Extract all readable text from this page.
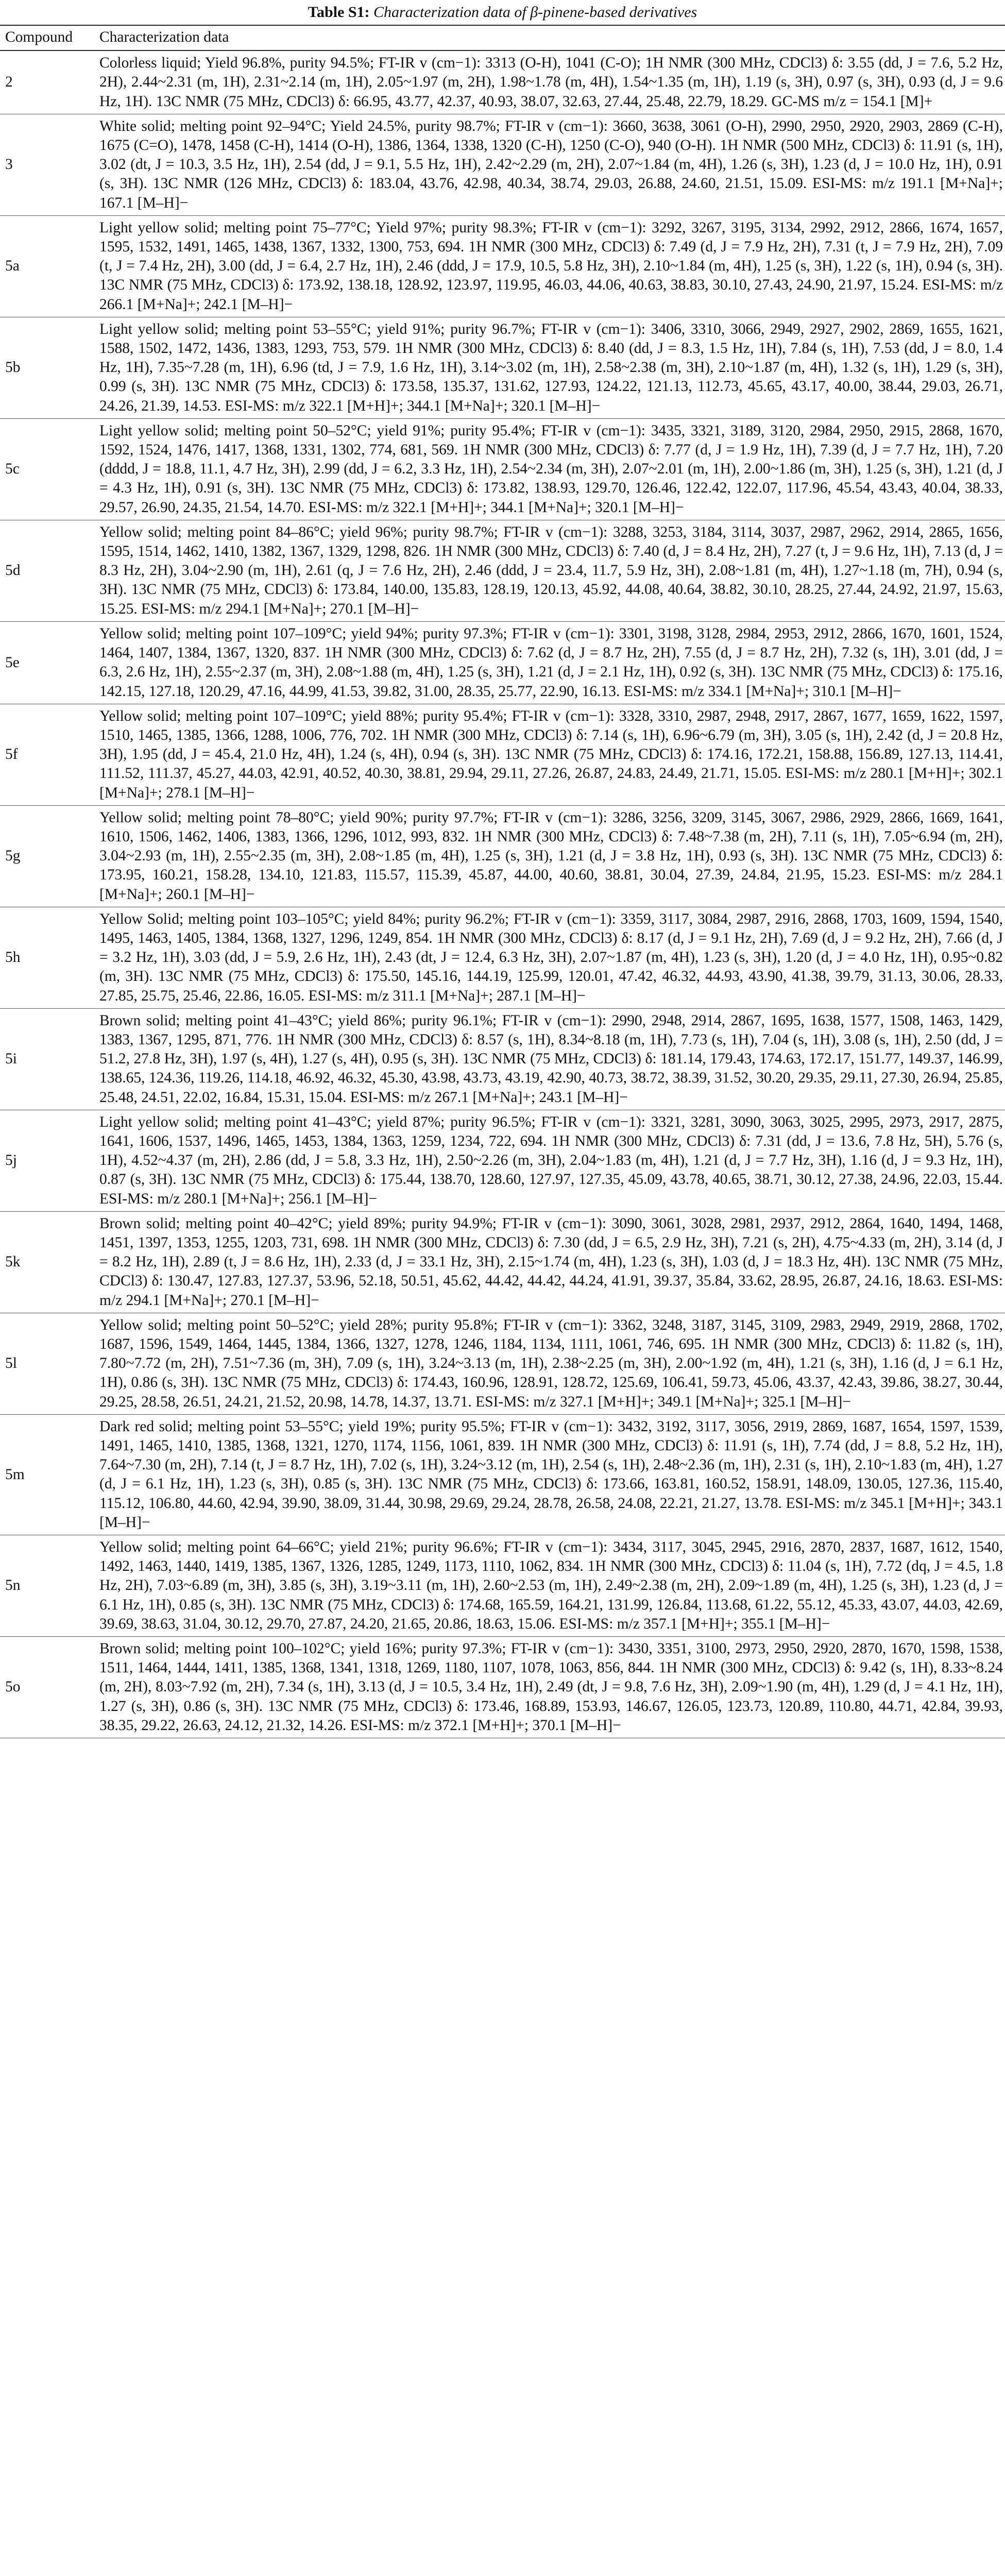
Table S1: Characterization data of β-pinene-based derivatives
Compound	Characterization data
2	Colorless liquid; Yield 96.8%, purity 94.5%; FT-IR v (cm−1): 3313 (O-H), 1041 (C-O); 1H NMR (300 MHz, CDCl3) δ: 3.55 (dd, J = 7.6, 5.2 Hz, 2H), 2.44~2.31 (m, 1H), 2.31~2.14 (m, 1H), 2.05~1.97 (m, 2H), 1.98~1.78 (m, 4H), 1.54~1.35 (m, 1H), 1.19 (s, 3H), 0.97 (s, 3H), 0.93 (d, J = 9.6 Hz, 1H). 13C NMR (75 MHz, CDCl3) δ: 66.95, 43.77, 42.37, 40.93, 38.07, 32.63, 27.44, 25.48, 22.79, 18.29. GC-MS m/z = 154.1 [M]+
3	White solid; melting point 92–94°C; Yield 24.5%, purity 98.7%; FT-IR v (cm−1): 3660, 3638, 3061 (O-H), 2990, 2950, 2920, 2903, 2869 (C-H), 1675 (C=O), 1478, 1458 (C-H), 1414 (O-H), 1386, 1364, 1338, 1320 (C-H), 1250 (C-O), 940 (O-H). 1H NMR (500 MHz, CDCl3) δ: 11.91 (s, 1H), 3.02 (dt, J = 10.3, 3.5 Hz, 1H), 2.54 (dd, J = 9.1, 5.5 Hz, 1H), 2.42~2.29 (m, 2H), 2.07~1.84 (m, 4H), 1.26 (s, 3H), 1.23 (d, J = 10.0 Hz, 1H), 0.91 (s, 3H). 13C NMR (126 MHz, CDCl3) δ: 183.04, 43.76, 42.98, 40.34, 38.74, 29.03, 26.88, 24.60, 21.51, 15.09. ESI-MS: m/z 191.1 [M+Na]+; 167.1 [M–H]−
5a	Light yellow solid; melting point 75–77°C; Yield 97%; purity 98.3%; FT-IR v (cm−1): 3292, 3267, 3195, 3134, 2992, 2912, 2866, 1674, 1657, 1595, 1532, 1491, 1465, 1438, 1367, 1332, 1300, 753, 694. 1H NMR (300 MHz, CDCl3) δ: 7.49 (d, J = 7.9 Hz, 2H), 7.31 (t, J = 7.9 Hz, 2H), 7.09 (t, J = 7.4 Hz, 2H), 3.00 (dd, J = 6.4, 2.7 Hz, 1H), 2.46 (ddd, J = 17.9, 10.5, 5.8 Hz, 3H), 2.10~1.84 (m, 4H), 1.25 (s, 3H), 1.22 (s, 1H), 0.94 (s, 3H). 13C NMR (75 MHz, CDCl3) δ: 173.92, 138.18, 128.92, 123.97, 119.95, 46.03, 44.06, 40.63, 38.83, 30.10, 27.43, 24.90, 21.97, 15.24. ESI-MS: m/z 266.1 [M+Na]+; 242.1 [M–H]−
5b	Light yellow solid; melting point 53–55°C; yield 91%; purity 96.7%; FT-IR v (cm−1): 3406, 3310, 3066, 2949, 2927, 2902, 2869, 1655, 1621, 1588, 1502, 1472, 1436, 1383, 1293, 753, 579. 1H NMR (300 MHz, CDCl3) δ: 8.40 (dd, J = 8.3, 1.5 Hz, 1H), 7.84 (s, 1H), 7.53 (dd, J = 8.0, 1.4 Hz, 1H), 7.35~7.28 (m, 1H), 6.96 (td, J = 7.9, 1.6 Hz, 1H), 3.14~3.02 (m, 1H), 2.58~2.38 (m, 3H), 2.10~1.87 (m, 4H), 1.32 (s, 1H), 1.29 (s, 3H), 0.99 (s, 3H). 13C NMR (75 MHz, CDCl3) δ: 173.58, 135.37, 131.62, 127.93, 124.22, 121.13, 112.73, 45.65, 43.17, 40.00, 38.44, 29.03, 26.71, 24.26, 21.39, 14.53. ESI-MS: m/z 322.1 [M+H]+; 344.1 [M+Na]+; 320.1 [M–H]−
5c	Light yellow solid; melting point 50–52°C; yield 91%; purity 95.4%; FT-IR v (cm−1): 3435, 3321, 3189, 3120, 2984, 2950, 2915, 2868, 1670, 1592, 1524, 1476, 1417, 1368, 1331, 1302, 774, 681, 569. 1H NMR (300 MHz, CDCl3) δ: 7.77 (d, J = 1.9 Hz, 1H), 7.39 (d, J = 7.7 Hz, 1H), 7.20 (dddd, J = 18.8, 11.1, 4.7 Hz, 3H), 2.99 (dd, J = 6.2, 3.3 Hz, 1H), 2.54~2.34 (m, 3H), 2.07~2.01 (m, 1H), 2.00~1.86 (m, 3H), 1.25 (s, 3H), 1.21 (d, J = 4.3 Hz, 1H), 0.91 (s, 3H). 13C NMR (75 MHz, CDCl3) δ: 173.82, 138.93, 129.70, 126.46, 122.42, 122.07, 117.96, 45.54, 43.43, 40.04, 38.33, 29.57, 26.90, 24.35, 21.54, 14.70. ESI-MS: m/z 322.1 [M+H]+; 344.1 [M+Na]+; 320.1 [M–H]−
5d	Yellow solid; melting point 84–86°C; yield 96%; purity 98.7%; FT-IR v (cm−1): 3288, 3253, 3184, 3114, 3037, 2987, 2962, 2914, 2865, 1656, 1595, 1514, 1462, 1410, 1382, 1367, 1329, 1298, 826. 1H NMR (300 MHz, CDCl3) δ: 7.40 (d, J = 8.4 Hz, 2H), 7.27 (t, J = 9.6 Hz, 1H), 7.13 (d, J = 8.3 Hz, 2H), 3.04~2.90 (m, 1H), 2.61 (q, J = 7.6 Hz, 2H), 2.46 (ddd, J = 23.4, 11.7, 5.9 Hz, 3H), 2.08~1.81 (m, 4H), 1.27~1.18 (m, 7H), 0.94 (s, 3H). 13C NMR (75 MHz, CDCl3) δ: 173.84, 140.00, 135.83, 128.19, 120.13, 45.92, 44.08, 40.64, 38.82, 30.10, 28.25, 27.44, 24.92, 21.97, 15.63, 15.25. ESI-MS: m/z 294.1 [M+Na]+; 270.1 [M–H]−
5e	Yellow solid; melting point 107–109°C; yield 94%; purity 97.3%; FT-IR v (cm−1): 3301, 3198, 3128, 2984, 2953, 2912, 2866, 1670, 1601, 1524, 1464, 1407, 1384, 1367, 1320, 837. 1H NMR (300 MHz, CDCl3) δ: 7.62 (d, J = 8.7 Hz, 2H), 7.55 (d, J = 8.7 Hz, 2H), 7.32 (s, 1H), 3.01 (dd, J = 6.3, 2.6 Hz, 1H), 2.55~2.37 (m, 3H), 2.08~1.88 (m, 4H), 1.25 (s, 3H), 1.21 (d, J = 2.1 Hz, 1H), 0.92 (s, 3H). 13C NMR (75 MHz, CDCl3) δ: 175.16, 142.15, 127.18, 120.29, 47.16, 44.99, 41.53, 39.82, 31.00, 28.35, 25.77, 22.90, 16.13. ESI-MS: m/z 334.1 [M+Na]+; 310.1 [M–H]−
5f	Yellow solid; melting point 107–109°C; yield 88%; purity 95.4%; FT-IR v (cm−1): 3328, 3310, 2987, 2948, 2917, 2867, 1677, 1659, 1622, 1597, 1510, 1465, 1385, 1366, 1288, 1006, 776, 702. 1H NMR (300 MHz, CDCl3) δ: 7.14 (s, 1H), 6.96~6.79 (m, 3H), 3.05 (s, 1H), 2.42 (d, J = 20.8 Hz, 3H), 1.95 (dd, J = 45.4, 21.0 Hz, 4H), 1.24 (s, 4H), 0.94 (s, 3H). 13C NMR (75 MHz, CDCl3) δ: 174.16, 172.21, 158.88, 156.89, 127.13, 114.41, 111.52, 111.37, 45.27, 44.03, 42.91, 40.52, 40.30, 38.81, 29.94, 29.11, 27.26, 26.87, 24.83, 24.49, 21.71, 15.05. ESI-MS: m/z 280.1 [M+H]+; 302.1 [M+Na]+; 278.1 [M–H]−
5g	Yellow solid; melting point 78–80°C; yield 90%; purity 97.7%; FT-IR v (cm−1): 3286, 3256, 3209, 3145, 3067, 2986, 2929, 2866, 1669, 1641, 1610, 1506, 1462, 1406, 1383, 1366, 1296, 1012, 993, 832. 1H NMR (300 MHz, CDCl3) δ: 7.48~7.38 (m, 2H), 7.11 (s, 1H), 7.05~6.94 (m, 2H), 3.04~2.93 (m, 1H), 2.55~2.35 (m, 3H), 2.08~1.85 (m, 4H), 1.25 (s, 3H), 1.21 (d, J = 3.8 Hz, 1H), 0.93 (s, 3H). 13C NMR (75 MHz, CDCl3) δ: 173.95, 160.21, 158.28, 134.10, 121.83, 115.57, 115.39, 45.87, 44.00, 40.60, 38.81, 30.04, 27.39, 24.84, 21.95, 15.23. ESI-MS: m/z 284.1 [M+Na]+; 260.1 [M–H]−
5h	Yellow Solid; melting point 103–105°C; yield 84%; purity 96.2%; FT-IR v (cm−1): 3359, 3117, 3084, 2987, 2916, 2868, 1703, 1609, 1594, 1540, 1495, 1463, 1405, 1384, 1368, 1327, 1296, 1249, 854. 1H NMR (300 MHz, CDCl3) δ: 8.17 (d, J = 9.1 Hz, 2H), 7.69 (d, J = 9.2 Hz, 2H), 7.66 (d, J = 3.2 Hz, 1H), 3.03 (dd, J = 5.9, 2.6 Hz, 1H), 2.43 (dt, J = 12.4, 6.3 Hz, 3H), 2.07~1.87 (m, 4H), 1.23 (s, 3H), 1.20 (d, J = 4.0 Hz, 1H), 0.95~0.82 (m, 3H). 13C NMR (75 MHz, CDCl3) δ: 175.50, 145.16, 144.19, 125.99, 120.01, 47.42, 46.32, 44.93, 43.90, 41.38, 39.79, 31.13, 30.06, 28.33, 27.85, 25.75, 25.46, 22.86, 16.05. ESI-MS: m/z 311.1 [M+Na]+; 287.1 [M–H]−
5i	Brown solid; melting point 41–43°C; yield 86%; purity 96.1%; FT-IR v (cm−1): 2990, 2948, 2914, 2867, 1695, 1638, 1577, 1508, 1463, 1429, 1383, 1367, 1295, 871, 776. 1H NMR (300 MHz, CDCl3) δ: 8.57 (s, 1H), 8.34~8.18 (m, 1H), 7.73 (s, 1H), 7.04 (s, 1H), 3.08 (s, 1H), 2.50 (dd, J = 51.2, 27.8 Hz, 3H), 1.97 (s, 4H), 1.27 (s, 4H), 0.95 (s, 3H). 13C NMR (75 MHz, CDCl3) δ: 181.14, 179.43, 174.63, 172.17, 151.77, 149.37, 146.99, 138.65, 124.36, 119.26, 114.18, 46.92, 46.32, 45.30, 43.98, 43.73, 43.19, 42.90, 40.73, 38.72, 38.39, 31.52, 30.20, 29.35, 29.11, 27.30, 26.94, 25.85, 25.48, 24.51, 22.02, 16.84, 15.31, 15.04. ESI-MS: m/z 267.1 [M+Na]+; 243.1 [M–H]−
5j	Light yellow solid; melting point 41–43°C; yield 87%; purity 96.5%; FT-IR v (cm−1): 3321, 3281, 3090, 3063, 3025, 2995, 2973, 2917, 2875, 1641, 1606, 1537, 1496, 1465, 1453, 1384, 1363, 1259, 1234, 722, 694. 1H NMR (300 MHz, CDCl3) δ: 7.31 (dd, J = 13.6, 7.8 Hz, 5H), 5.76 (s, 1H), 4.52~4.37 (m, 2H), 2.86 (dd, J = 5.8, 3.3 Hz, 1H), 2.50~2.26 (m, 3H), 2.04~1.83 (m, 4H), 1.21 (d, J = 7.7 Hz, 3H), 1.16 (d, J = 9.3 Hz, 1H), 0.87 (s, 3H). 13C NMR (75 MHz, CDCl3) δ: 175.44, 138.70, 128.60, 127.97, 127.35, 45.09, 43.78, 40.65, 38.71, 30.12, 27.38, 24.96, 22.03, 15.44. ESI-MS: m/z 280.1 [M+Na]+; 256.1 [M–H]−
5k	Brown solid; melting point 40–42°C; yield 89%; purity 94.9%; FT-IR v (cm−1): 3090, 3061, 3028, 2981, 2937, 2912, 2864, 1640, 1494, 1468, 1451, 1397, 1353, 1255, 1203, 731, 698. 1H NMR (300 MHz, CDCl3) δ: 7.30 (dd, J = 6.5, 2.9 Hz, 3H), 7.21 (s, 2H), 4.75~4.33 (m, 2H), 3.14 (d, J = 8.2 Hz, 1H), 2.89 (t, J = 8.6 Hz, 1H), 2.33 (d, J = 33.1 Hz, 3H), 2.15~1.74 (m, 4H), 1.23 (s, 3H), 1.03 (d, J = 18.3 Hz, 4H). 13C NMR (75 MHz, CDCl3) δ: 130.47, 127.83, 127.37, 53.96, 52.18, 50.51, 45.62, 44.42, 44.42, 44.24, 41.91, 39.37, 35.84, 33.62, 28.95, 26.87, 24.16, 18.63. ESI-MS: m/z 294.1 [M+Na]+; 270.1 [M–H]−
5l	Yellow solid; melting point 50–52°C; yield 28%; purity 95.8%; FT-IR v (cm−1): 3362, 3248, 3187, 3145, 3109, 2983, 2949, 2919, 2868, 1702, 1687, 1596, 1549, 1464, 1445, 1384, 1366, 1327, 1278, 1246, 1184, 1134, 1111, 1061, 746, 695. 1H NMR (300 MHz, CDCl3) δ: 11.82 (s, 1H), 7.80~7.72 (m, 2H), 7.51~7.36 (m, 3H), 7.09 (s, 1H), 3.24~3.13 (m, 1H), 2.38~2.25 (m, 3H), 2.00~1.92 (m, 4H), 1.21 (s, 3H), 1.16 (d, J = 6.1 Hz, 1H), 0.86 (s, 3H). 13C NMR (75 MHz, CDCl3) δ: 174.43, 160.96, 128.91, 128.72, 125.69, 106.41, 59.73, 45.06, 43.37, 42.43, 39.86, 38.27, 30.44, 29.25, 28.58, 26.51, 24.21, 21.52, 20.98, 14.78, 14.37, 13.71. ESI-MS: m/z 327.1 [M+H]+; 349.1 [M+Na]+; 325.1 [M–H]−
5m	Dark red solid; melting point 53–55°C; yield 19%; purity 95.5%; FT-IR v (cm−1): 3432, 3192, 3117, 3056, 2919, 2869, 1687, 1654, 1597, 1539, 1491, 1465, 1410, 1385, 1368, 1321, 1270, 1174, 1156, 1061, 839. 1H NMR (300 MHz, CDCl3) δ: 11.91 (s, 1H), 7.74 (dd, J = 8.8, 5.2 Hz, 1H), 7.64~7.30 (m, 2H), 7.14 (t, J = 8.7 Hz, 1H), 7.02 (s, 1H), 3.24~3.12 (m, 1H), 2.54 (s, 1H), 2.48~2.36 (m, 1H), 2.31 (s, 1H), 2.10~1.83 (m, 4H), 1.27 (d, J = 6.1 Hz, 1H), 1.23 (s, 3H), 0.85 (s, 3H). 13C NMR (75 MHz, CDCl3) δ: 173.66, 163.81, 160.52, 158.91, 148.09, 130.05, 127.36, 115.40, 115.12, 106.80, 44.60, 42.94, 39.90, 38.09, 31.44, 30.98, 29.69, 29.24, 28.78, 26.58, 24.08, 22.21, 21.27, 13.78. ESI-MS: m/z 345.1 [M+H]+; 343.1 [M–H]−
5n	Yellow solid; melting point 64–66°C; yield 21%; purity 96.6%; FT-IR v (cm−1): 3434, 3117, 3045, 2945, 2916, 2870, 2837, 1687, 1612, 1540, 1492, 1463, 1440, 1419, 1385, 1367, 1326, 1285, 1249, 1173, 1110, 1062, 834. 1H NMR (300 MHz, CDCl3) δ: 11.04 (s, 1H), 7.72 (dq, J = 4.5, 1.8 Hz, 2H), 7.03~6.89 (m, 3H), 3.85 (s, 3H), 3.19~3.11 (m, 1H), 2.60~2.53 (m, 1H), 2.49~2.38 (m, 2H), 2.09~1.89 (m, 4H), 1.25 (s, 3H), 1.23 (d, J = 6.1 Hz, 1H), 0.85 (s, 3H). 13C NMR (75 MHz, CDCl3) δ: 174.68, 165.59, 164.21, 131.99, 126.84, 113.68, 61.22, 55.12, 45.33, 43.07, 44.03, 42.69, 39.69, 38.63, 31.04, 30.12, 29.70, 27.87, 24.20, 21.65, 20.86, 18.63, 15.06. ESI-MS: m/z 357.1 [M+H]+; 355.1 [M–H]−
5o	Brown solid; melting point 100–102°C; yield 16%; purity 97.3%; FT-IR v (cm−1): 3430, 3351, 3100, 2973, 2950, 2920, 2870, 1670, 1598, 1538, 1511, 1464, 1444, 1411, 1385, 1368, 1341, 1318, 1269, 1180, 1107, 1078, 1063, 856, 844. 1H NMR (300 MHz, CDCl3) δ: 9.42 (s, 1H), 8.33~8.24 (m, 2H), 8.03~7.92 (m, 2H), 7.34 (s, 1H), 3.13 (d, J = 10.5, 3.4 Hz, 1H), 2.49 (dt, J = 9.8, 7.6 Hz, 3H), 2.09~1.90 (m, 4H), 1.29 (d, J = 4.1 Hz, 1H), 1.27 (s, 3H), 0.86 (s, 3H). 13C NMR (75 MHz, CDCl3) δ: 173.46, 168.89, 153.93, 146.67, 126.05, 123.73, 120.89, 110.80, 44.71, 42.84, 39.93, 38.35, 29.22, 26.63, 24.12, 21.32, 14.26. ESI-MS: m/z 372.1 [M+H]+; 370.1 [M–H]−
